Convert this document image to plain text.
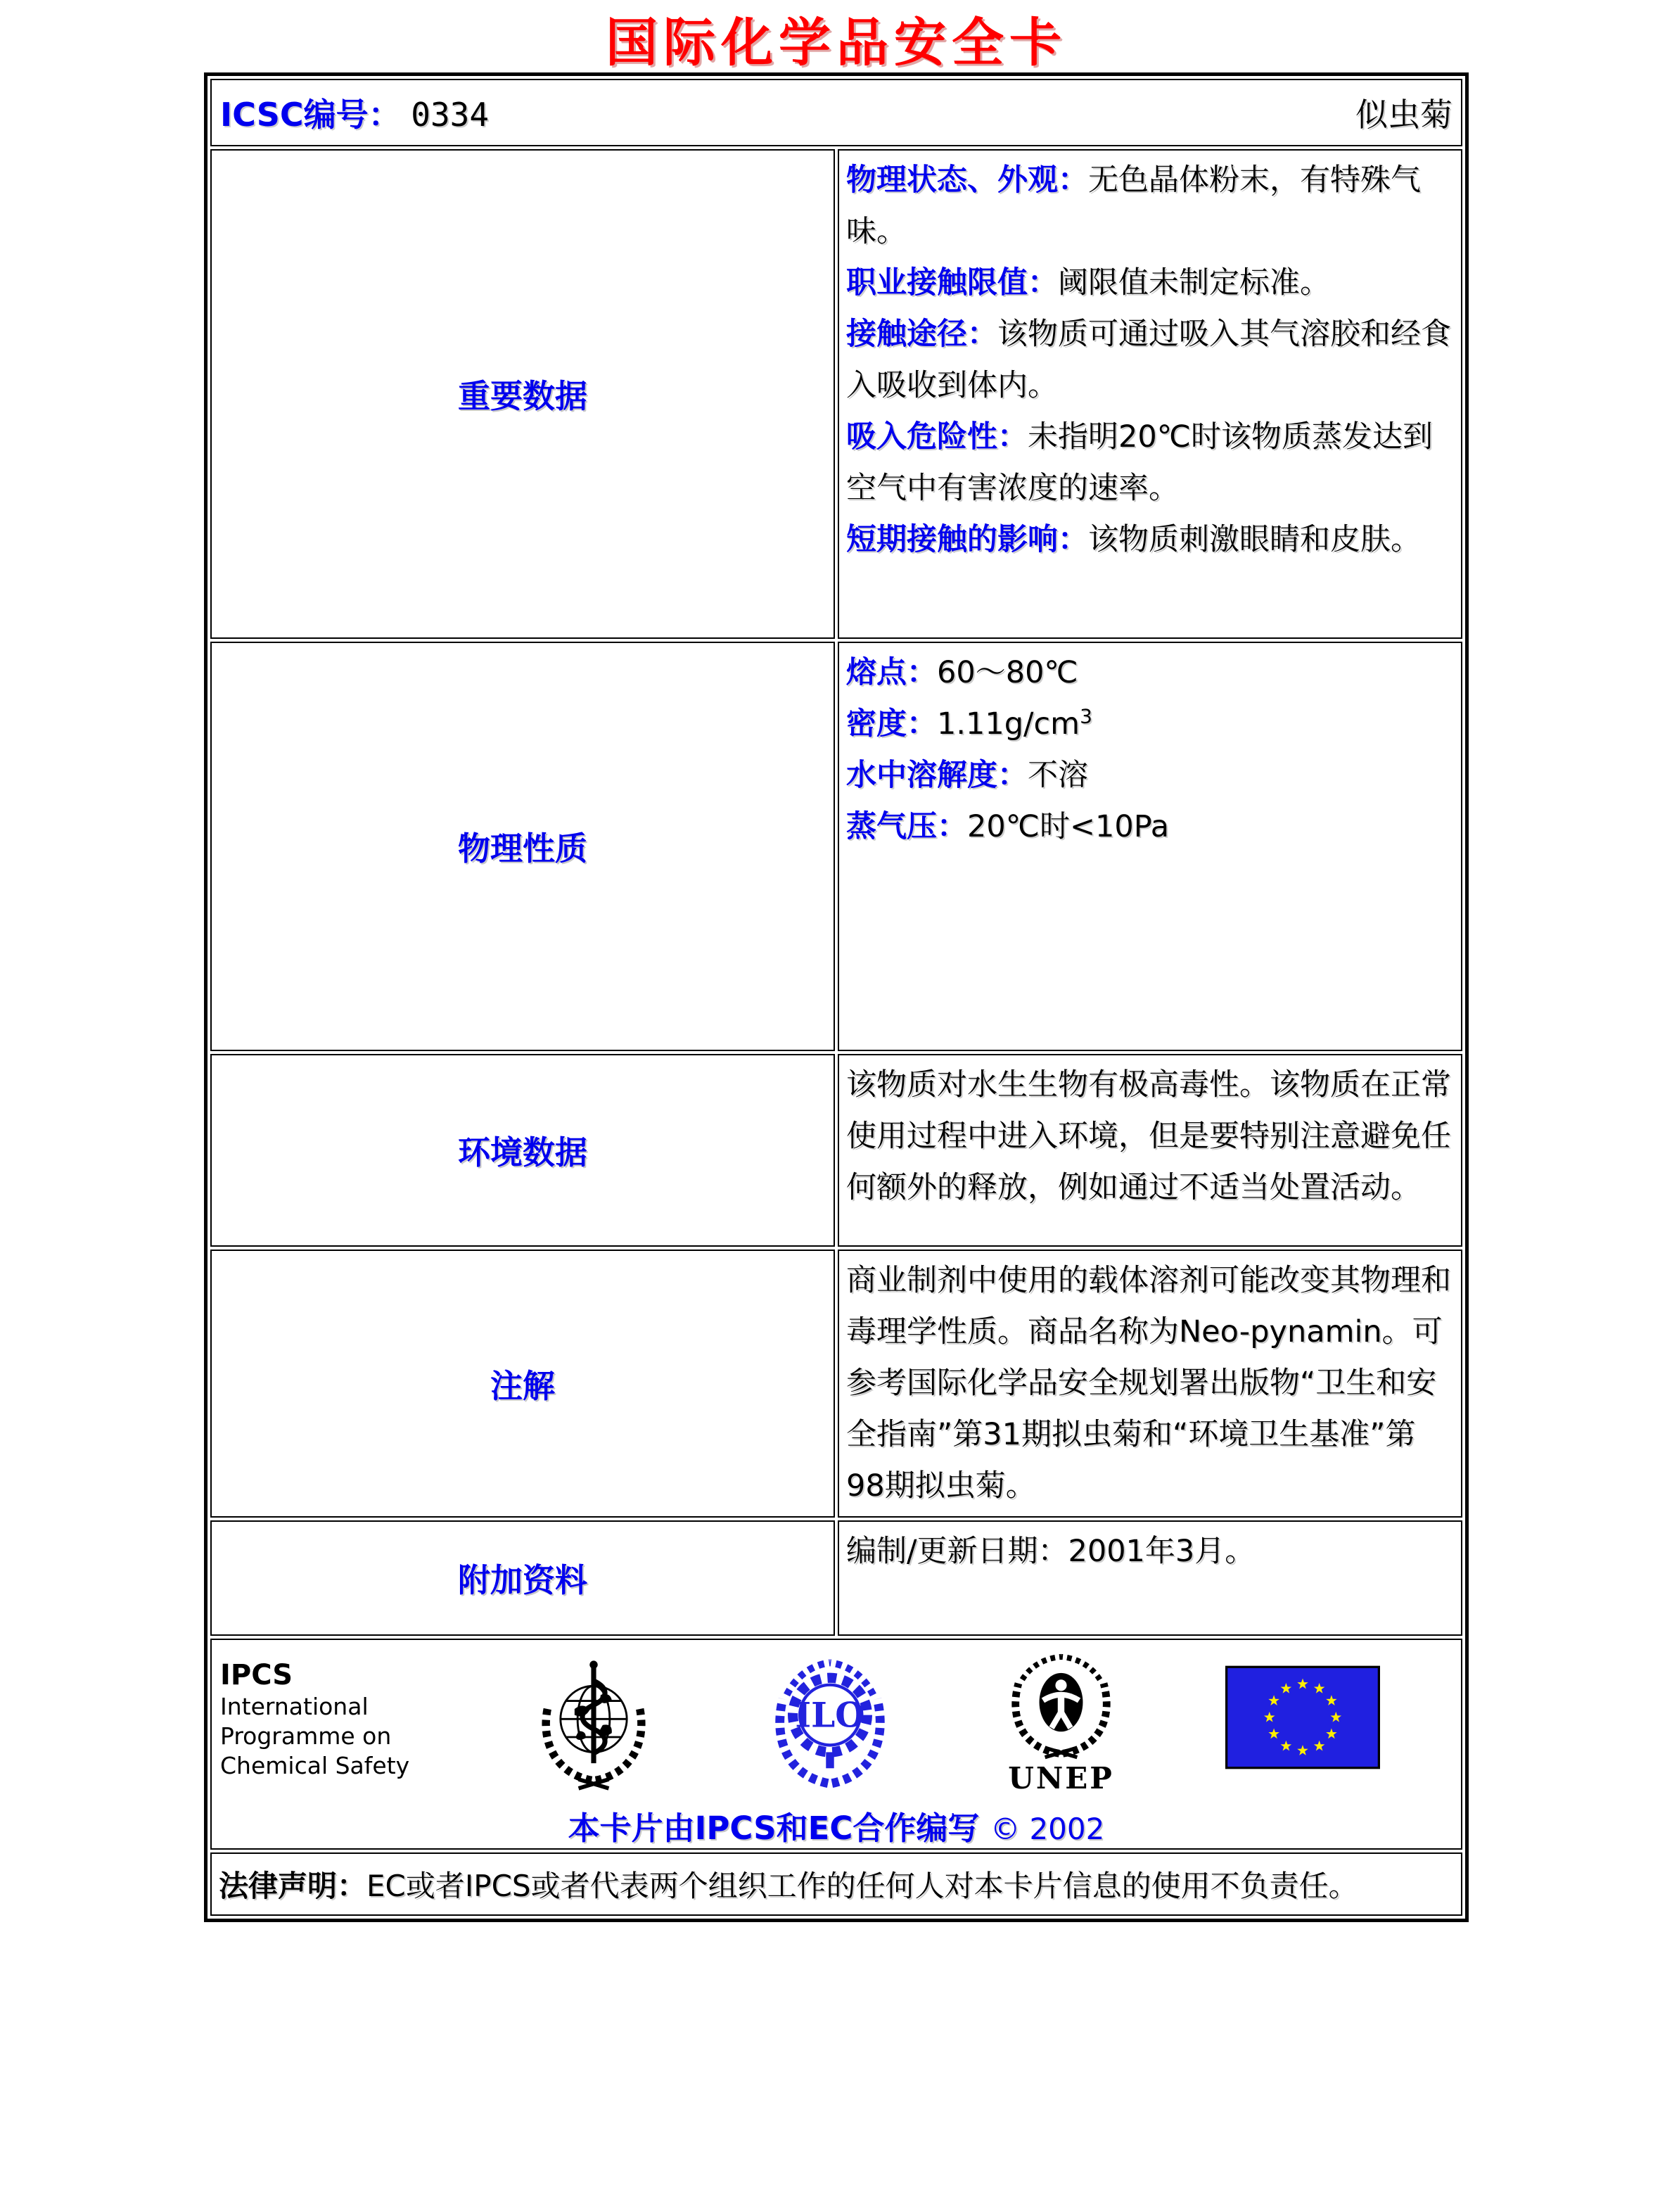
国际化学品安全卡
ICSC编号： 0334 似虫菊	

重要数据	物理状态、外观：无色晶体粉末，有特殊气味。
职业接触限值：阈限值未制定标准。
接触途径：该物质可通过吸入其气溶胶和经食入吸收到体内。
吸入危险性：未指明20℃时该物质蒸发达到空气中有害浓度的速率。
短期接触的影响：该物质刺激眼睛和皮肤。

物理性质	熔点：60～80℃
密度：$1.11g/cm^3$
水中溶解度：不溶
蒸气压：20℃时<10Pa

环境数据	该物质对水生生物有极高毒性。该物质在正常使用过程中进入环境，但是要特别注意避免任何额外的释放，例如通过不适当处置活动。
注解	商业制剂中使用的载体溶剂可能改变其物理和毒理学性质。商品名称为Neo-pynamin。可参考国际化学品安全规划署出版物“卫生和安全指南”第31期拟虫菊和“环境卫生基准”第98期拟虫菊。
附加资料	编制/更新日期：2001年3月。

IPCS
International
Programme on
Chemical Safety
ILO
UNEP
本卡片由IPCS和EC合作编写 © 2002

法律声明：EC或者IPCS或者代表两个组织工作的任何人对本卡片信息的使用不负责任。	
